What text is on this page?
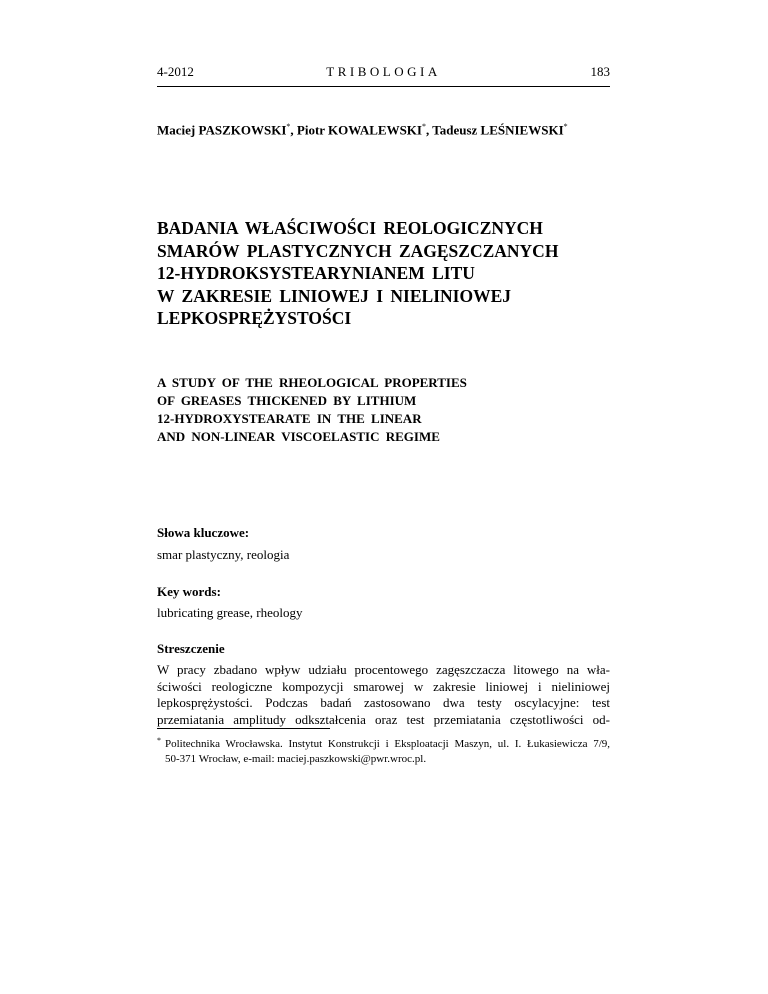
4-2012	TRIBOLOGIA	183
Maciej PASZKOWSKI*, Piotr KOWALEWSKI*, Tadeusz LEŚNIEWSKI*
BADANIA WŁAŚCIWOŚCI REOLOGICZNYCH
SMARÓW PLASTYCZNYCH ZAGĘSZCZANYCH
12-HYDROKSYSTEARYNIANEM LITU
W ZAKRESIE LINIOWEJ I NIELINIOWEJ
LEPKOSPRĘŻYSTOŚCI
A STUDY OF THE RHEOLOGICAL PROPERTIES
OF GREASES THICKENED BY LITHIUM
12-HYDROXYSTEARATE IN THE LINEAR
AND NON-LINEAR VISCOELASTIC REGIME
Słowa kluczowe:
smar plastyczny, reologia
Key words:
lubricating grease, rheology
Streszczenie
W pracy zbadano wpływ udziału procentowego zagęszczacza litowego na wła-
ściwości reologiczne kompozycji smarowej w zakresie liniowej i nieliniowej
lepkosprężystości. Podczas badań zastosowano dwa testy oscylacyjne: test
przemiatania amplitudy odkształcenia oraz test przemiatania częstotliwości od-
* Politechnika Wrocławska. Instytut Konstrukcji i Eksploatacji Maszyn, ul. I. Łukasiewicza 7/9,
50-371 Wrocław, e-mail: maciej.paszkowski@pwr.wroc.pl.
